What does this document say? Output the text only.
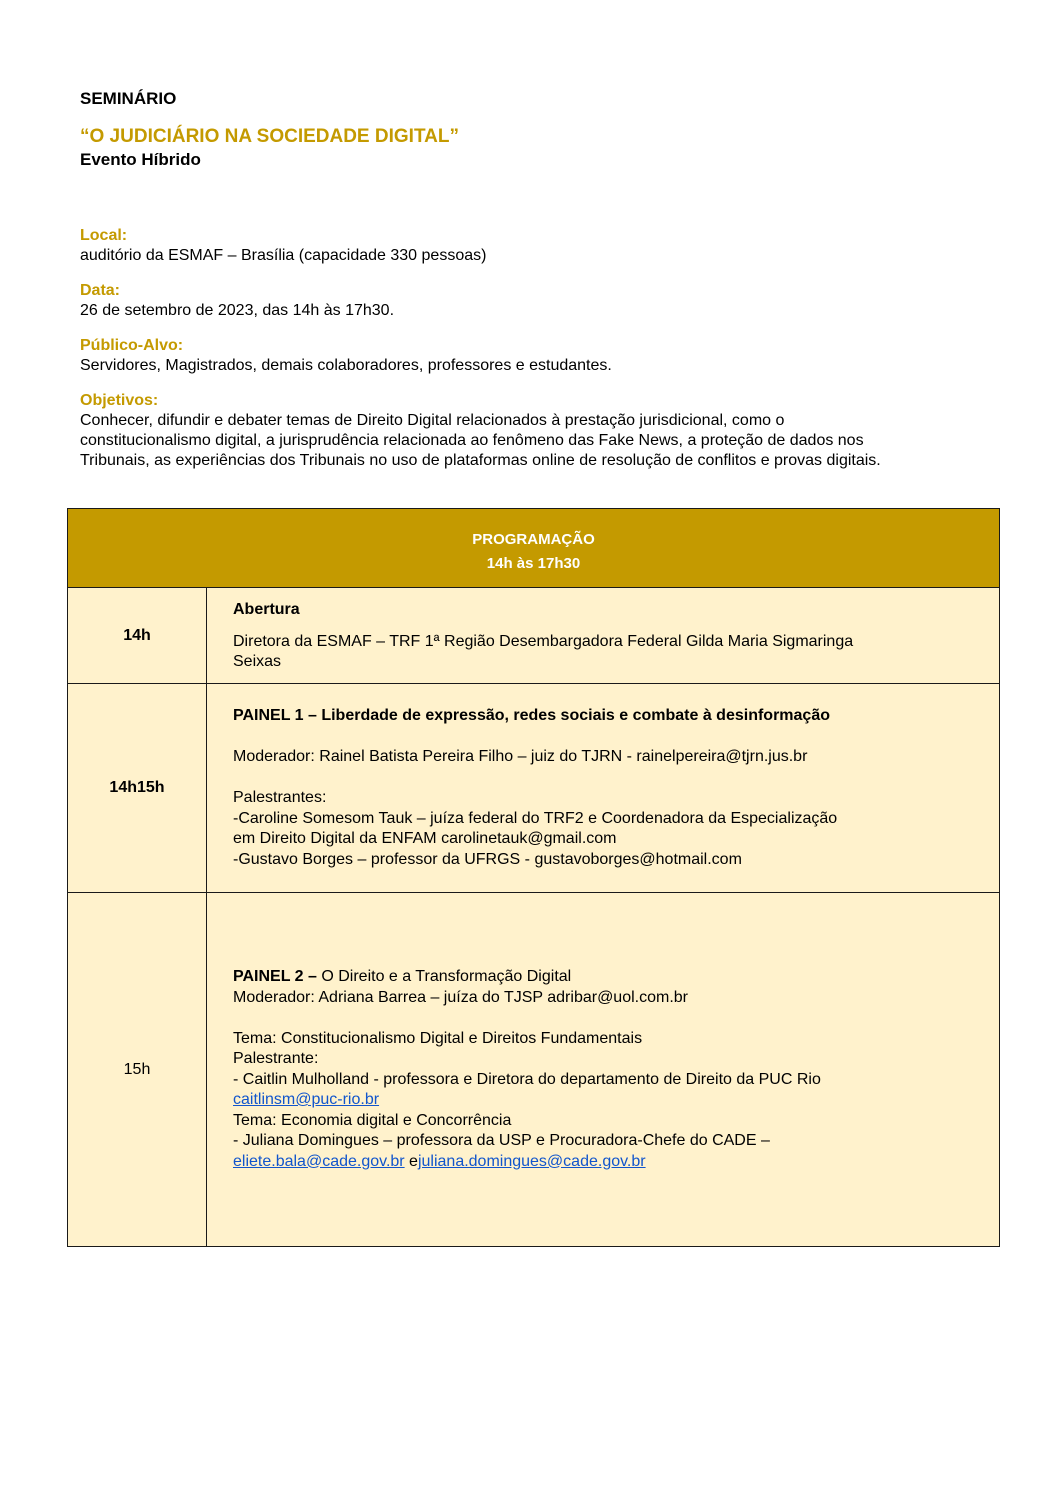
SEMINÁRIO
“O JUDICIÁRIO NA SOCIEDADE DIGITAL”
Evento Híbrido
Local:
auditório da ESMAF – Brasília (capacidade 330 pessoas)
Data:
26 de setembro de 2023, das 14h às 17h30.
Público-Alvo:
Servidores, Magistrados, demais colaboradores, professores e estudantes.
Objetivos:
Conhecer, difundir e debater temas de Direito Digital relacionados à prestação jurisdicional, como o
constitucionalismo digital, a jurisprudência relacionada ao fenômeno das Fake News, a proteção de dados nos
Tribunais, as experiências dos Tribunais no uso de plataformas online de resolução de conflitos e provas digitais.
PROGRAMAÇÃO
14h às 17h30
14h

Abertura

Diretora da ESMAF – TRF 1ª Região Desembargadora Federal Gilda Maria Sigmaringa

Seixas

14h15h

PAINEL 1 – Liberdade de expressão, redes sociais e combate à desinformação

Moderador: Rainel Batista Pereira Filho – juiz do TJRN - rainelpereira@tjrn.jus.br

Palestrantes:

-Caroline Somesom Tauk – juíza federal do TRF2 e Coordenadora da Especialização

em Direito Digital da ENFAM carolinetauk@gmail.com

-Gustavo Borges – professor da UFRGS - gustavoborges@hotmail.com

15h

PAINEL 2 – O Direito e a Transformação Digital

Moderador: Adriana Barrea – juíza do TJSP adribar@uol.com.br

Tema: Constitucionalismo Digital e Direitos Fundamentais

Palestrante:

- Caitlin Mulholland - professora e Diretora do departamento de Direito da PUC Rio

caitlinsm@puc-rio.br

Tema: Economia digital e Concorrência

- Juliana Domingues – professora da USP e Procuradora-Chefe do CADE –

eliete.bala@cade.gov.br ejuliana.domingues@cade.gov.br
